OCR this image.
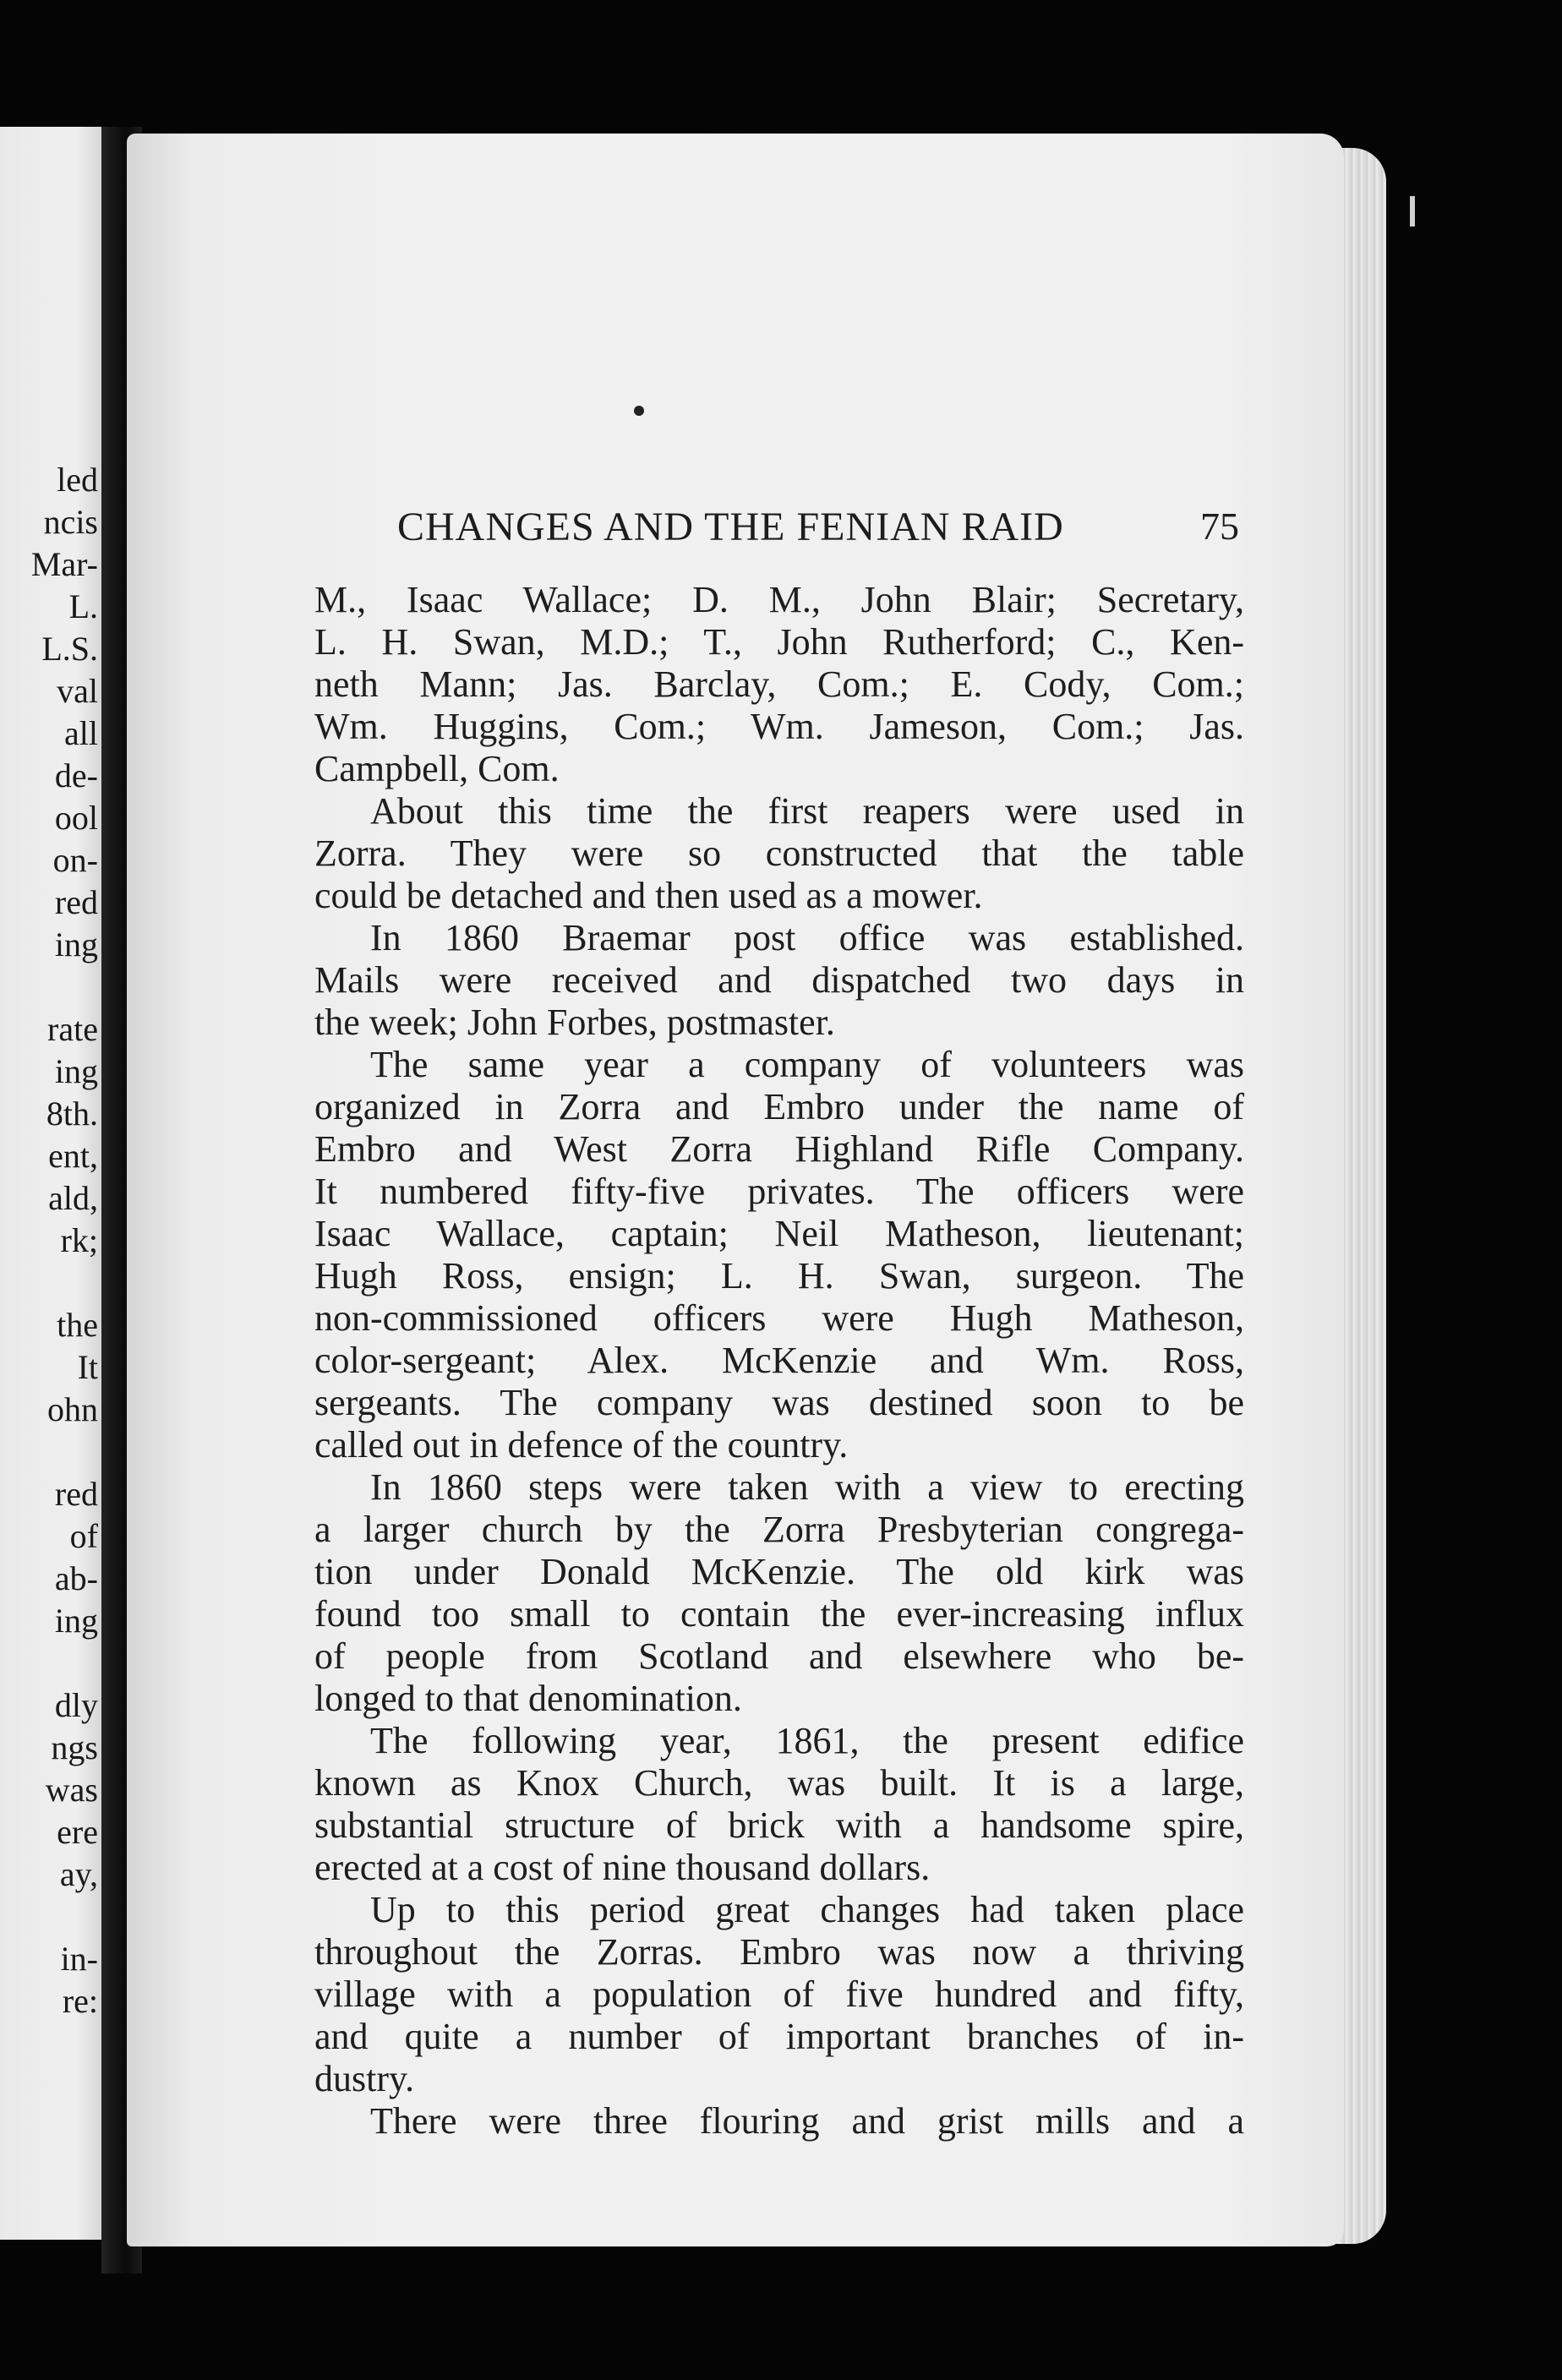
led
ncis
Mar-
L.
L.S.
val
all
de-
ool
on-
red
ing
rate
ing
8th.
ent,
ald,
rk;
the
It
ohn
red
of
ab-
ing
dly
ngs
was
ere
ay,
in-
re:
CHANGES AND THE FENIAN RAID	75
M., Isaac Wallace; D. M., John Blair; Secretary,
L. H. Swan, M.D.; T., John Rutherford; C., Ken-
neth Mann; Jas. Barclay, Com.; E. Cody, Com.;
Wm. Huggins, Com.; Wm. Jameson, Com.; Jas.
Campbell, Com.
About this time the first reapers were used in
Zorra. They were so constructed that the table
could be detached and then used as a mower.
In 1860 Braemar post office was established.
Mails were received and dispatched two days in
the week; John Forbes, postmaster.
The same year a company of volunteers was
organized in Zorra and Embro under the name of
Embro and West Zorra Highland Rifle Company.
It numbered fifty-five privates. The officers were
Isaac Wallace, captain; Neil Matheson, lieutenant;
Hugh Ross, ensign; L. H. Swan, surgeon. The
non-commissioned officers were Hugh Matheson,
color-sergeant; Alex. McKenzie and Wm. Ross,
sergeants. The company was destined soon to be
called out in defence of the country.
In 1860 steps were taken with a view to erecting
a larger church by the Zorra Presbyterian congrega-
tion under Donald McKenzie. The old kirk was
found too small to contain the ever-increasing influx
of people from Scotland and elsewhere who be-
longed to that denomination.
The following year, 1861, the present edifice
known as Knox Church, was built. It is a large,
substantial structure of brick with a handsome spire,
erected at a cost of nine thousand dollars.
Up to this period great changes had taken place
throughout the Zorras. Embro was now a thriving
village with a population of five hundred and fifty,
and quite a number of important branches of in-
dustry.
There were three flouring and grist mills and a
